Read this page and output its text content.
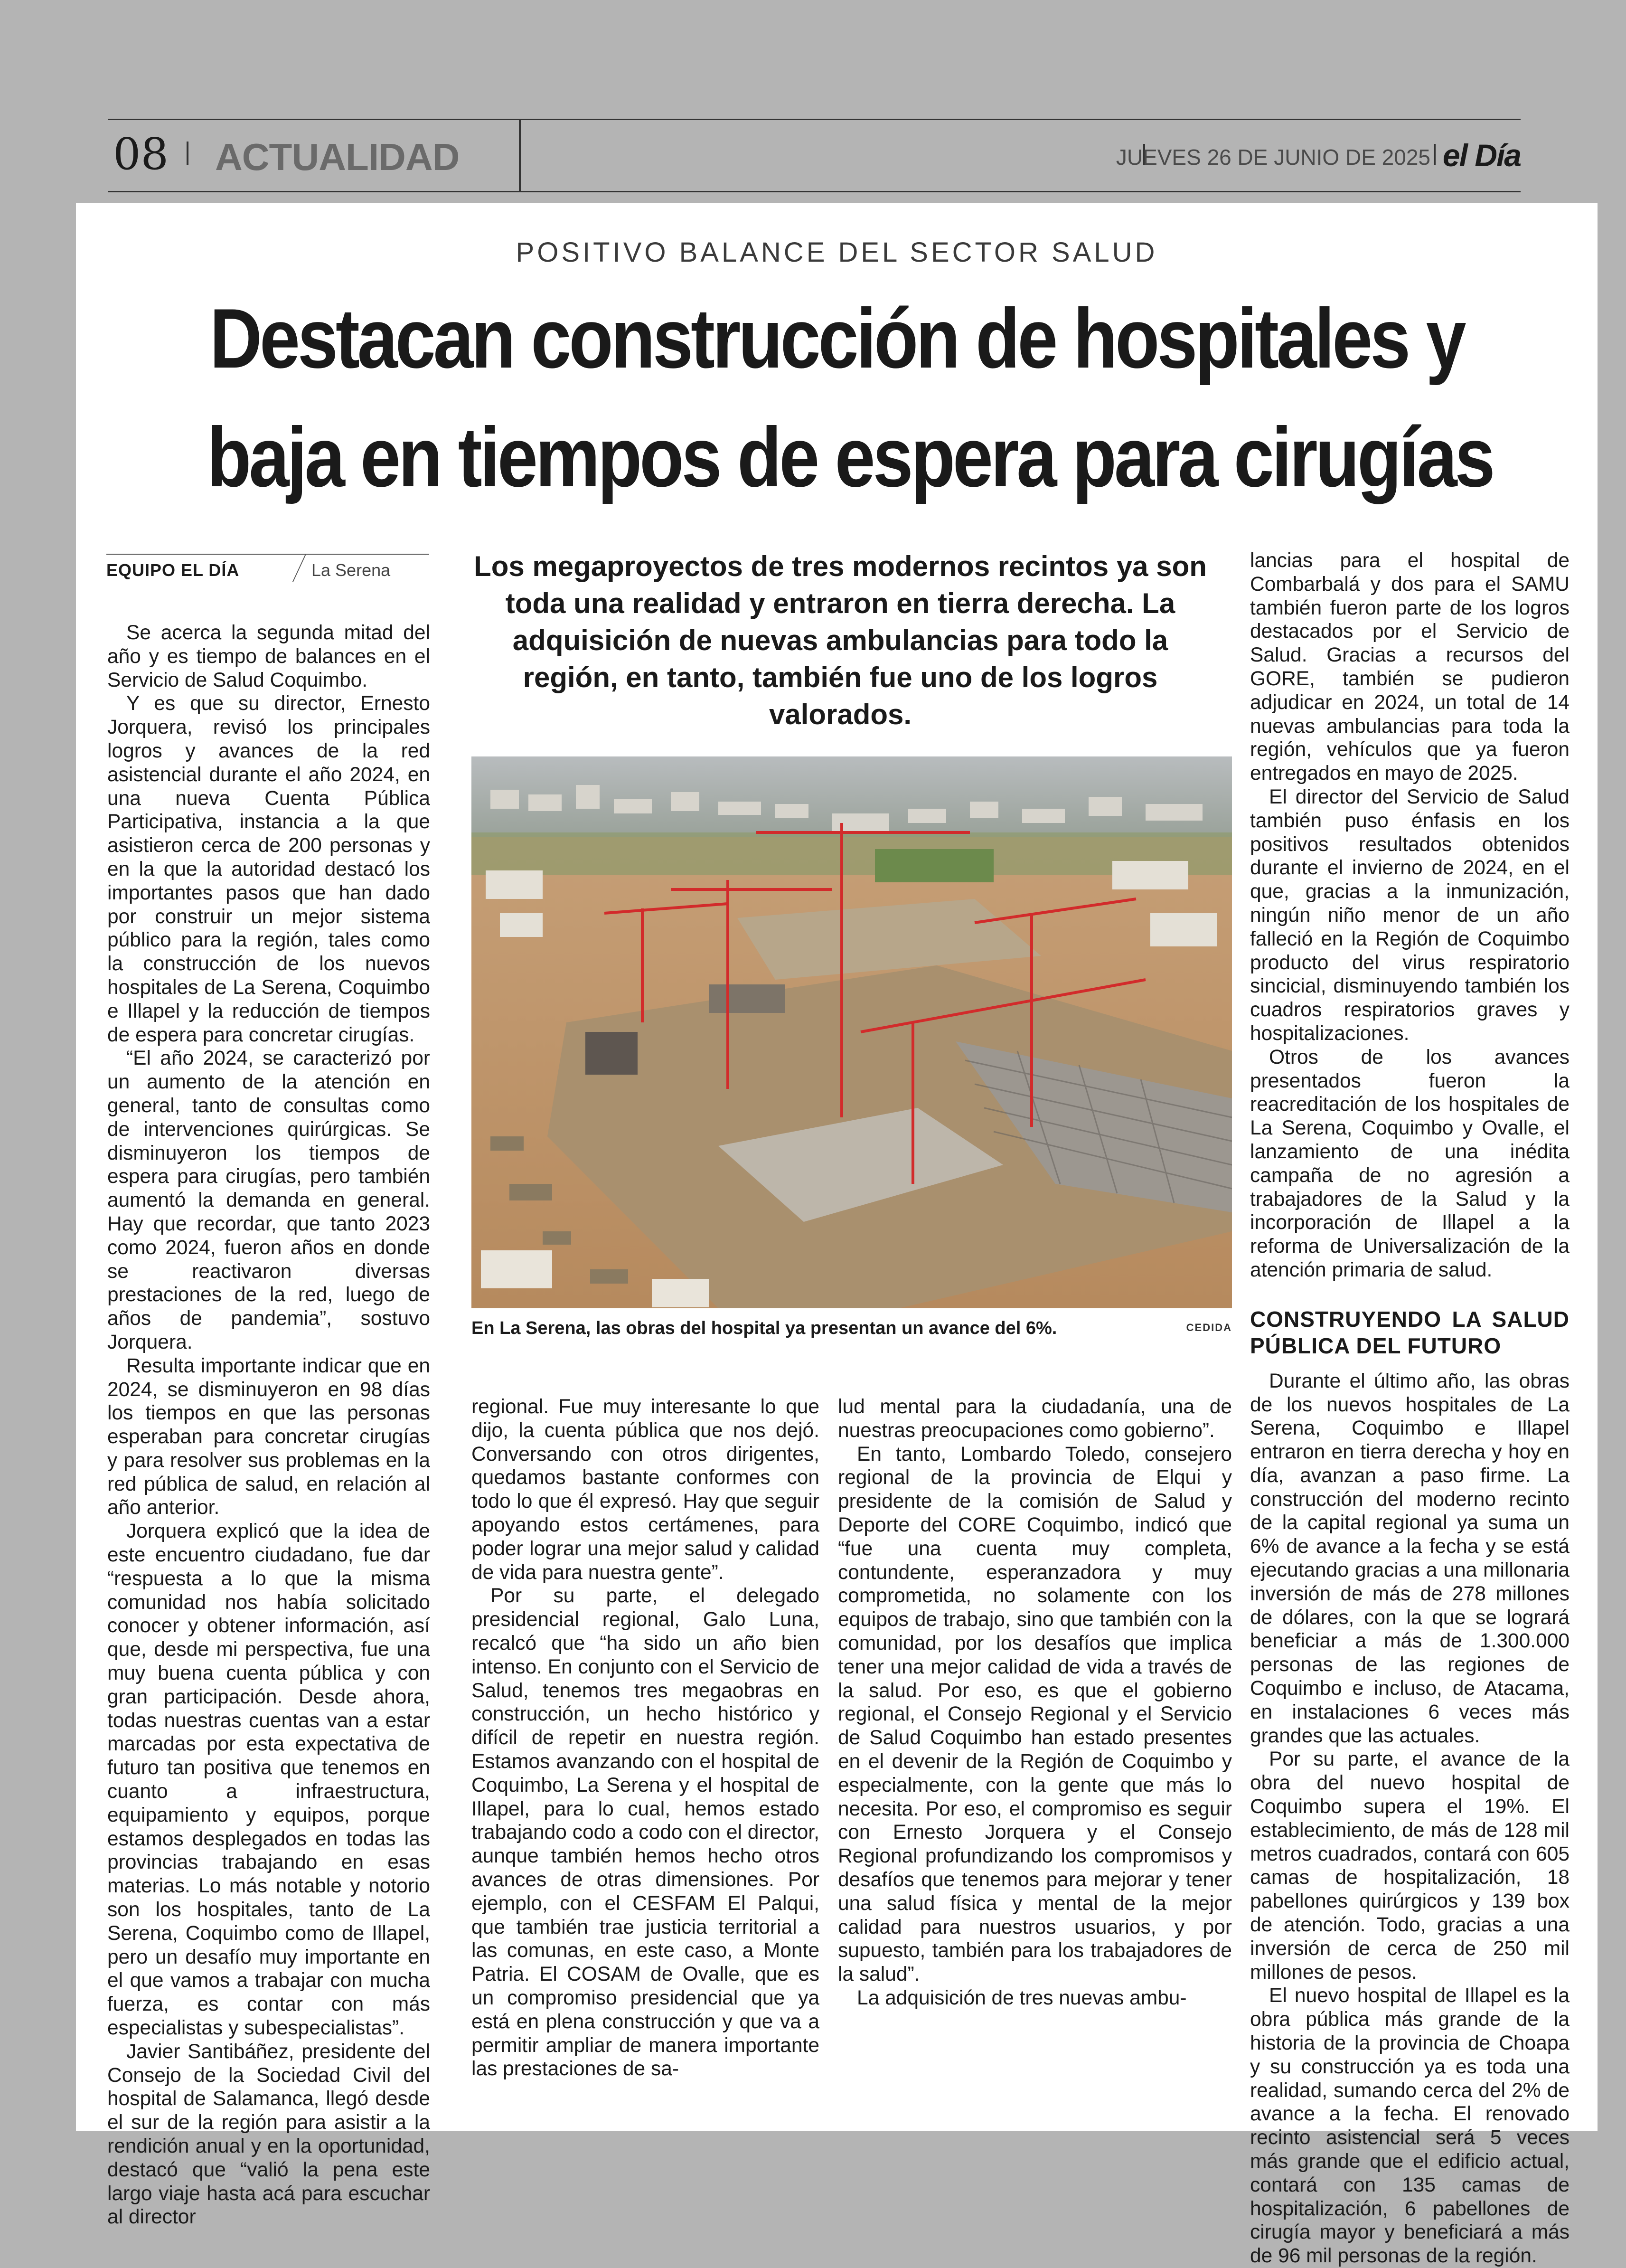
08 ACTUALIDAD	JUEVES 26 DE JUNIO DE 2025 el Día
POSITIVO BALANCE DEL SECTOR SALUD
Destacan construcción de hospitales y
baja en tiempos de espera para cirugías
EQUIPO EL DÍA	La Serena	Los megaproyectos de tres modernos recintos ya son toda una realidad y entraron en tierra derecha. La adquisición de nuevas ambulancias para todo la región, en tanto, también fue uno de los logros valorados.

Se acerca la segunda mitad del año y es tiempo de balances en el Servicio de Salud Coquimbo.

Y es que su director, Ernesto Jorquera, revisó los principales logros y avances de la red asistencial durante el año 2024, en una nueva Cuenta Pública Participativa, instancia a la que asistieron cerca de 200 personas y en la que la autoridad destacó los importantes pasos que han dado por construir un mejor sistema público para la región, tales como la construcción de los nuevos hospitales de La Serena, Coquimbo e Illapel y la reducción de tiempos de espera para concretar cirugías.

“El año 2024, se caracterizó por un aumento de la atención en general, tanto de consultas como de intervenciones quirúrgicas. Se disminuyeron los tiempos de espera para cirugías, pero también aumentó la demanda en general. Hay que recordar, que tanto 2023 como 2024, fueron años en donde se reactivaron diversas prestaciones de la red, luego de años de pandemia”, sostuvo Jorquera.

Resulta importante indicar que en 2024, se disminuyeron en 98 días los tiempos en que las personas esperaban para concretar cirugías y para resolver sus problemas en la red pública de salud, en relación al año anterior.

Jorquera explicó que la idea de este encuentro ciudadano, fue dar “respuesta a lo que la misma comunidad nos había solicitado conocer y obtener información, así que, desde mi perspectiva, fue una muy buena cuenta pública y con gran participación. Desde ahora, todas nuestras cuentas van a estar marcadas por esta expectativa de futuro tan positiva que tenemos en cuanto a infraestructura, equipamiento y equipos, porque estamos desplegados en todas las provincias trabajando en esas materias. Lo más notable y notorio son los hospitales, tanto de La Serena, Coquimbo como de Illapel, pero un desafío muy importante en el que vamos a trabajar con mucha fuerza, es contar con más especialistas y subespecialistas”.

Javier Santibáñez, presidente del Consejo de la Sociedad Civil del hospital de Salamanca, llegó desde el sur de la región para asistir a la rendición anual y en la oportunidad, destacó que “valió la pena este largo viaje hasta acá para escuchar al director

En La Serena, las obras del hospital ya presentan un avance del 6%.	CEDIDA

regional. Fue muy interesante lo que dijo, la cuenta pública que nos dejó. Conversando con otros dirigentes, quedamos bastante conformes con todo lo que él expresó. Hay que seguir apoyando estos certámenes, para poder lograr una mejor salud y calidad de vida para nuestra gente”.

Por su parte, el delegado presidencial regional, Galo Luna, recalcó que “ha sido un año bien intenso. En conjunto con el Servicio de Salud, tenemos tres megaobras en construcción, un hecho histórico y difícil de repetir en nuestra región. Estamos avanzando con el hospital de Coquimbo, La Serena y el hospital de Illapel, para lo cual, hemos estado trabajando codo a codo con el director, aunque también hemos hecho otros avances de otras dimensiones. Por ejemplo, con el CESFAM El Palqui, que también trae justicia territorial a las comunas, en este caso, a Monte Patria. El COSAM de Ovalle, que es un compromiso presidencial que ya está en plena construcción y que va a permitir ampliar de manera importante las prestaciones de sa-

lud mental para la ciudadanía, una de nuestras preocupaciones como gobierno”.

En tanto, Lombardo Toledo, consejero regional de la provincia de Elqui y presidente de la comisión de Salud y Deporte del CORE Coquimbo, indicó que “fue una cuenta muy completa, contundente, esperanzadora y muy comprometida, no solamente con los equipos de trabajo, sino que también con la comunidad, por los desafíos que implica tener una mejor calidad de vida a través de la salud. Por eso, es que el gobierno regional, el Consejo Regional y el Servicio de Salud Coquimbo han estado presentes en el devenir de la Región de Coquimbo y especialmente, con la gente que más lo necesita. Por eso, el compromiso es seguir con Ernesto Jorquera y el Consejo Regional profundizando los compromisos y desafíos que tenemos para mejorar y tener una salud física y mental de la mejor calidad para nuestros usuarios, y por supuesto, también para los trabajadores de la salud”.

La adquisición de tres nuevas ambu-

lancias para el hospital de Combarbalá y dos para el SAMU también fueron parte de los logros destacados por el Servicio de Salud. Gracias a recursos del GORE, también se pudieron adjudicar en 2024, un total de 14 nuevas ambulancias para toda la región, vehículos que ya fueron entregados en mayo de 2025.

El director del Servicio de Salud también puso énfasis en los positivos resultados obtenidos durante el invierno de 2024, en el que, gracias a la inmunización, ningún niño menor de un año falleció en la Región de Coquimbo producto del virus respiratorio sincicial, disminuyendo también los cuadros respiratorios graves y hospitalizaciones.

Otros de los avances presentados fueron la reacreditación de los hospitales de La Serena, Coquimbo y Ovalle, el lanzamiento de una inédita campaña de no agresión a trabajadores de la Salud y la incorporación de Illapel a la reforma de Universalización de la atención primaria de salud.

CONSTRUYENDO LA SALUD PÚBLICA DEL FUTURO

Durante el último año, las obras de los nuevos hospitales de La Serena, Coquimbo e Illapel entraron en tierra derecha y hoy en día, avanzan a paso firme. La construcción del moderno recinto de la capital regional ya suma un 6% de avance a la fecha y se está ejecutando gracias a una millonaria inversión de más de 278 millones de dólares, con la que se logrará beneficiar a más de 1.300.000 personas de las regiones de Coquimbo e incluso, de Atacama, en instalaciones 6 veces más grandes que las actuales.

Por su parte, el avance de la obra del nuevo hospital de Coquimbo supera el 19%. El establecimiento, de más de 128 mil metros cuadrados, contará con 605 camas de hospitalización, 18 pabellones quirúrgicos y 139 box de atención. Todo, gracias a una inversión de cerca de 250 mil millones de pesos.

El nuevo hospital de Illapel es la obra pública más grande de la historia de la provincia de Choapa y su construcción ya es toda una realidad, sumando cerca del 2% de avance a la fecha. El renovado recinto asistencial será 5 veces más grande que el edificio actual, contará con 135 camas de hospitalización, 6 pabellones de cirugía mayor y beneficiará a más de 96 mil personas de la región.
